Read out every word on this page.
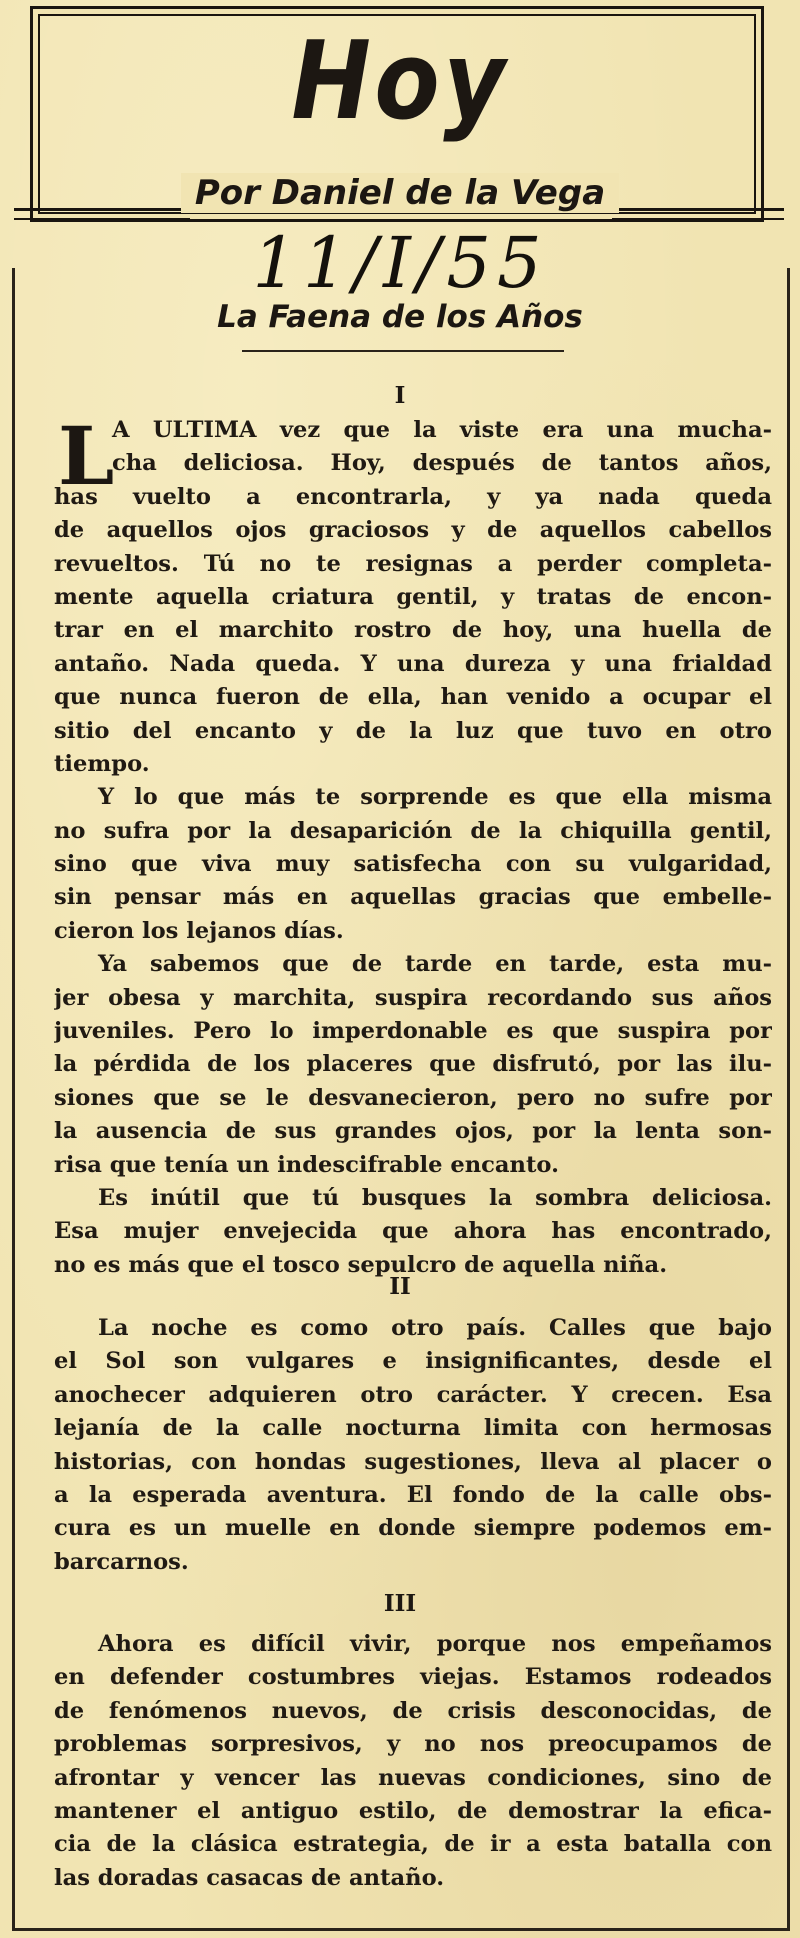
Hoy
Por Daniel de la Vega
11/I/55
La Faena de los Años
I
L
A ULTIMA vez que la viste era una mucha-
cha deliciosa. Hoy, después de tantos años,
has vuelto a encontrarla, y ya nada queda
de aquellos ojos graciosos y de aquellos cabellos
revueltos. Tú no te resignas a perder completa-
mente aquella criatura gentil, y tratas de encon-
trar en el marchito rostro de hoy, una huella de
antaño. Nada queda. Y una dureza y una frialdad
que nunca fueron de ella, han venido a ocupar el
sitio del encanto y de la luz que tuvo en otro
tiempo.
Y lo que más te sorprende es que ella misma
no sufra por la desaparición de la chiquilla gentil,
sino que viva muy satisfecha con su vulgaridad,
sin pensar más en aquellas gracias que embelle-
cieron los lejanos días.
Ya sabemos que de tarde en tarde, esta mu-
jer obesa y marchita, suspira recordando sus años
juveniles. Pero lo imperdonable es que suspira por
la pérdida de los placeres que disfrutó, por las ilu-
siones que se le desvanecieron, pero no sufre por
la ausencia de sus grandes ojos, por la lenta son-
risa que tenía un indescifrable encanto.
Es inútil que tú busques la sombra deliciosa.
Esa mujer envejecida que ahora has encontrado,
no es más que el tosco sepulcro de aquella niña.
II
La noche es como otro país. Calles que bajo
el Sol son vulgares e insignificantes, desde el
anochecer adquieren otro carácter. Y crecen. Esa
lejanía de la calle nocturna limita con hermosas
historias, con hondas sugestiones, lleva al placer o
a la esperada aventura. El fondo de la calle obs-
cura es un muelle en donde siempre podemos em-
barcarnos.
III
Ahora es difícil vivir, porque nos empeñamos
en defender costumbres viejas. Estamos rodeados
de fenómenos nuevos, de crisis desconocidas, de
problemas sorpresivos, y no nos preocupamos de
afrontar y vencer las nuevas condiciones, sino de
mantener el antiguo estilo, de demostrar la efica-
cia de la clásica estrategia, de ir a esta batalla con
las doradas casacas de antaño.
